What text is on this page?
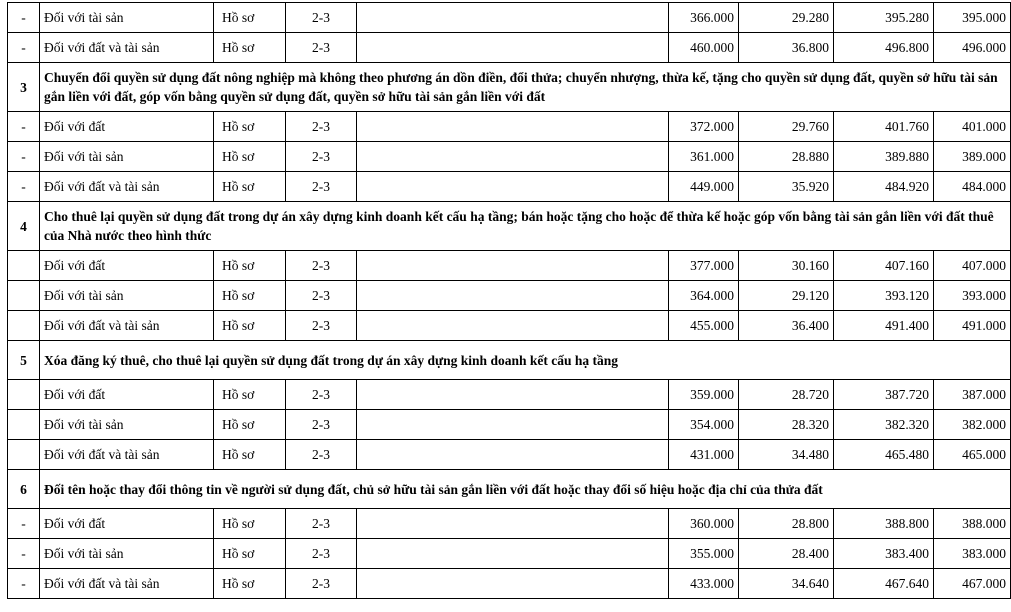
-	Đối với tài sản	Hồ sơ	2-3		366.000	29.280	395.280	395.000
-	Đối với đất và tài sản	Hồ sơ	2-3		460.000	36.800	496.800	496.000
3	Chuyển đổi quyền sử dụng đất nông nghiệp mà không theo phương án dồn điền, đổi thửa; chuyển nhượng, thừa kế, tặng cho quyền sử dụng đất, quyền sở hữu tài sản gắn liền với đất, góp vốn bằng quyền sử dụng đất, quyền sở hữu tài sản gắn liền với đất							
-	Đối với đất	Hồ sơ	2-3		372.000	29.760	401.760	401.000
-	Đối với tài sản	Hồ sơ	2-3		361.000	28.880	389.880	389.000
-	Đối với đất và tài sản	Hồ sơ	2-3		449.000	35.920	484.920	484.000
4	Cho thuê lại quyền sử dụng đất trong dự án xây dựng kinh doanh kết cấu hạ tầng; bán hoặc tặng cho hoặc để thừa kế hoặc góp vốn bằng tài sản gắn liền với đất thuê của Nhà nước theo hình thức							
	Đối với đất	Hồ sơ	2-3		377.000	30.160	407.160	407.000
	Đối với tài sản	Hồ sơ	2-3		364.000	29.120	393.120	393.000
	Đối với đất và tài sản	Hồ sơ	2-3		455.000	36.400	491.400	491.000
5	Xóa đăng ký thuê, cho thuê lại quyền sử dụng đất trong dự án xây dựng kinh doanh kết cấu hạ tầng							
	Đối với đất	Hồ sơ	2-3		359.000	28.720	387.720	387.000
	Đối với tài sản	Hồ sơ	2-3		354.000	28.320	382.320	382.000
	Đối với đất và tài sản	Hồ sơ	2-3		431.000	34.480	465.480	465.000
6	Đối tên hoặc thay đổi thông tin về người sử dụng đất, chủ sở hữu tài sản gắn liền với đất hoặc thay đổi số hiệu hoặc địa chỉ của thửa đất							
-	Đối với đất	Hồ sơ	2-3		360.000	28.800	388.800	388.000
-	Đối với tài sản	Hồ sơ	2-3		355.000	28.400	383.400	383.000
-	Đối với đất và tài sản	Hồ sơ	2-3		433.000	34.640	467.640	467.000
